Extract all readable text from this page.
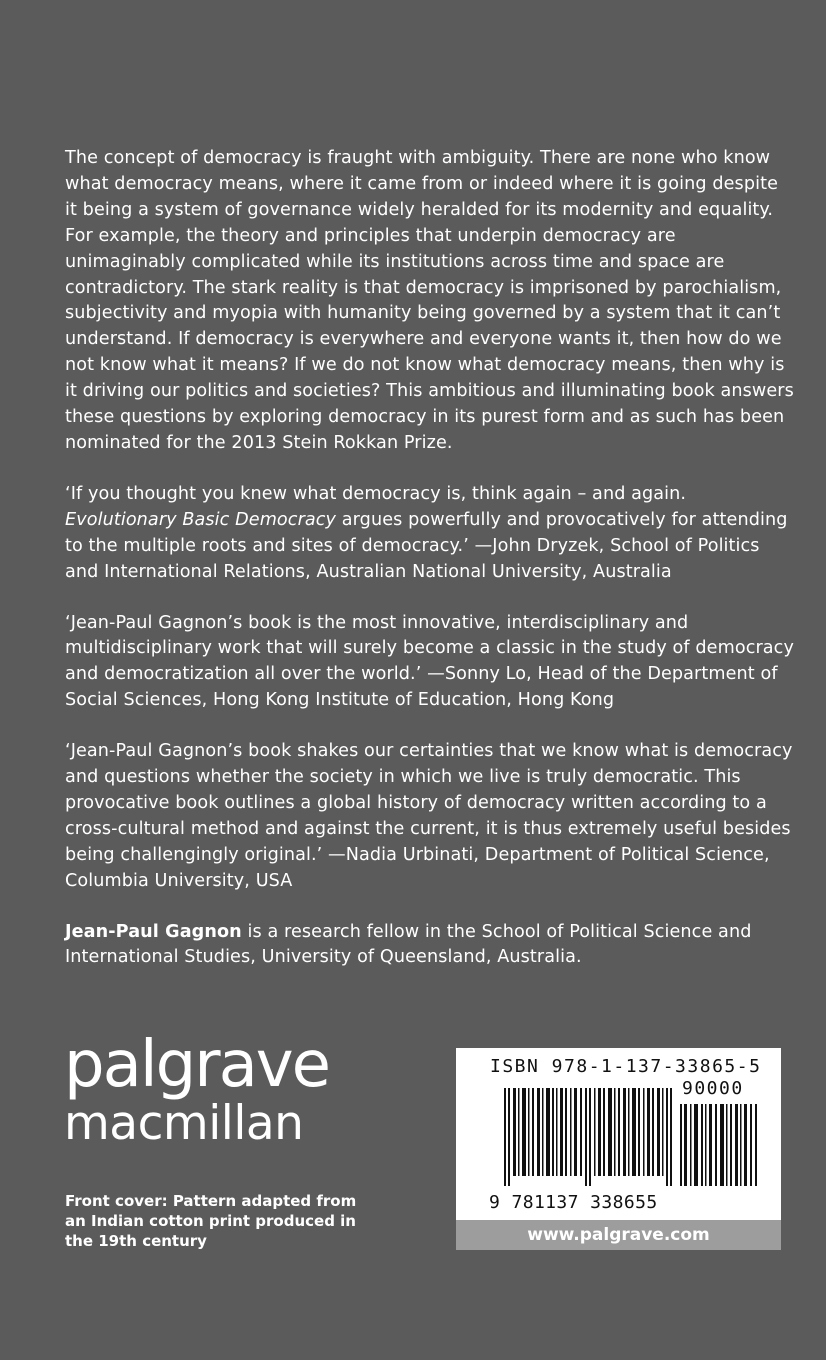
The concept of democracy is fraught with ambiguity. There are none who know what democracy means, where it came from or indeed where it is going despite it being a system of governance widely heralded for its modernity and equality. For example, the theory and principles that underpin democracy are unimaginably complicated while its institutions across time and space are contradictory. The stark reality is that democracy is imprisoned by parochialism, subjectivity and myopia with humanity being governed by a system that it can’t understand. If democracy is everywhere and everyone wants it, then how do we not know what it means? If we do not know what democracy means, then why is it driving our politics and societies? This ambitious and illuminating book answers these questions by exploring democracy in its purest form and as such has been nominated for the 2013 Stein Rokkan Prize.

‘If you thought you knew what democracy is, think again – and again.
Evolutionary Basic Democracy argues powerfully and provocatively for attending to the multiple roots and sites of democracy.’ —John Dryzek, School of Politics and International Relations, Australian National University, Australia

‘Jean-Paul Gagnon’s book is the most innovative, interdisciplinary and multidisciplinary work that will surely become a classic in the study of democracy and democratization all over the world.’ —Sonny Lo, Head of the Department of Social Sciences, Hong Kong Institute of Education, Hong Kong

‘Jean-Paul Gagnon’s book shakes our certainties that we know what is democracy and questions whether the society in which we live is truly democratic. This provocative book outlines a global history of democracy written according to a cross-cultural method and against the current, it is thus extremely useful besides being challengingly original.’ —Nadia Urbinati, Department of Political Science, Columbia University, USA

Jean-Paul Gagnon is a research fellow in the School of Political Science and International Studies, University of Queensland, Australia.

palgrave
macmillan
Front cover: Pattern adapted from an Indian cotton print produced in the 19th century
ISBN 978-1-137-33865-5
90000
9 781137 338655
www.palgrave.com
